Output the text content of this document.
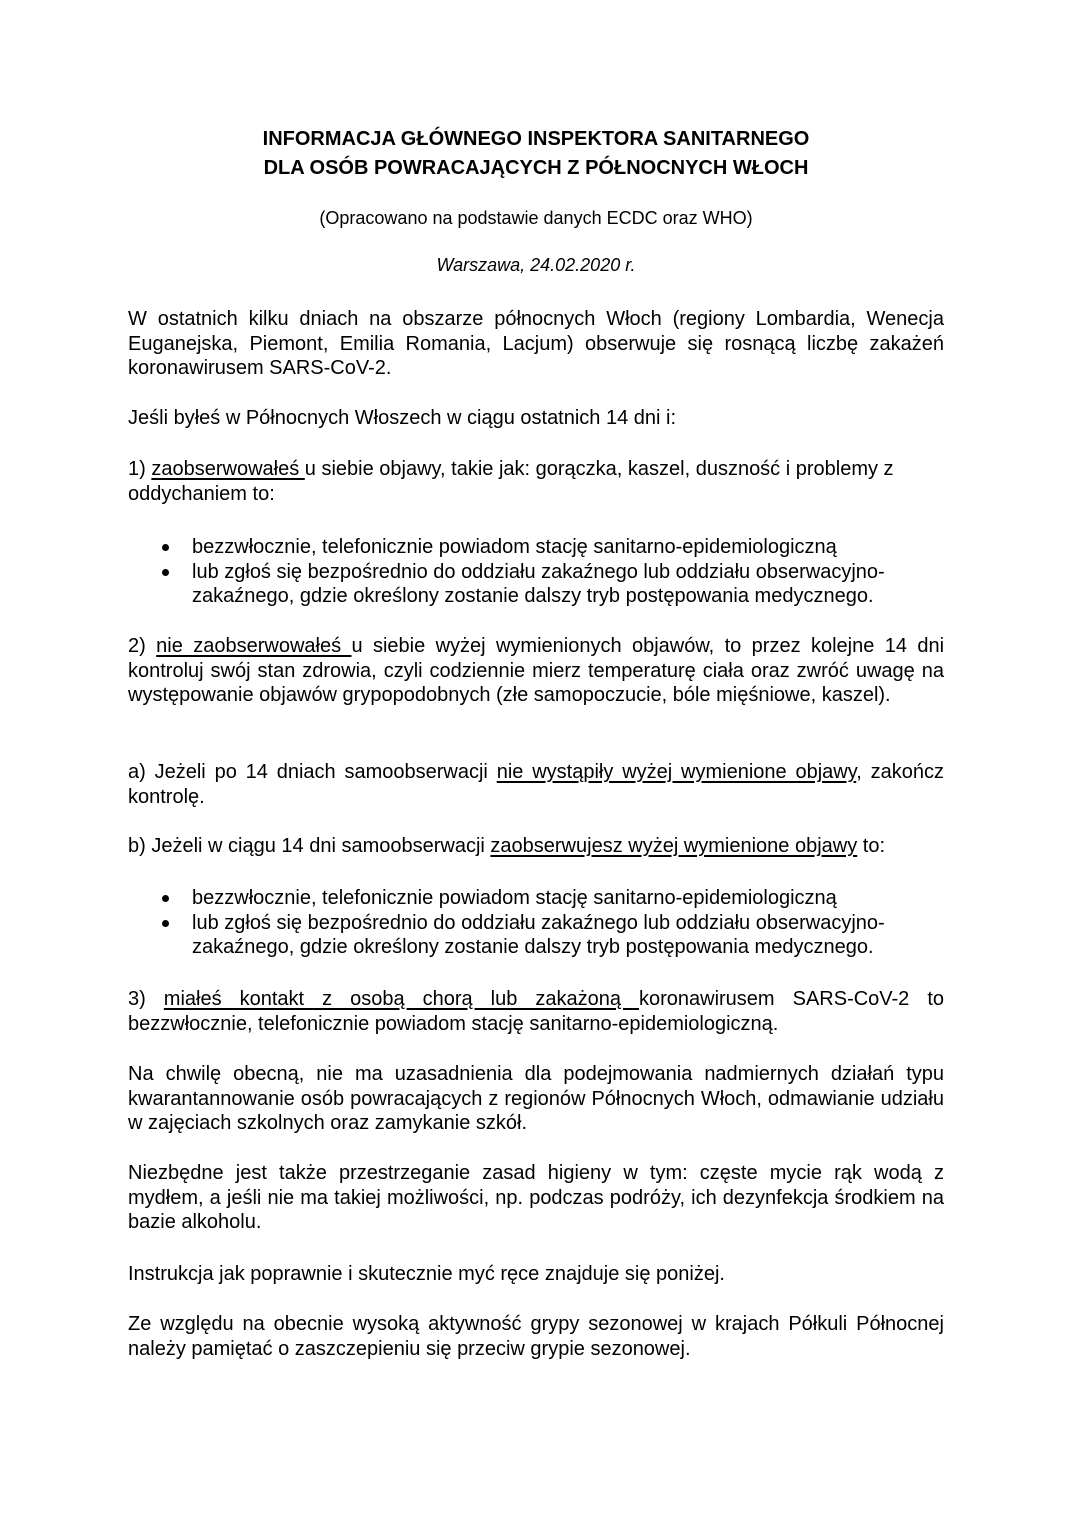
INFORMACJA GŁÓWNEGO INSPEKTORA SANITARNEGO
DLA OSÓB POWRACAJĄCYCH Z PÓŁNOCNYCH WŁOCH
(Opracowano na podstawie danych ECDC oraz WHO)
Warszawa, 24.02.2020 r.
W ostatnich kilku dniach na obszarze północnych Włoch (regiony Lombardia, Wenecja Euganejska, Piemont, Emilia Romania, Lacjum) obserwuje się rosnącą liczbę zakażeń koronawirusem SARS-CoV-2.
Jeśli byłeś w Północnych Włoszech w ciągu ostatnich 14 dni i:
1) zaobserwowałeś u siebie objawy, takie jak: gorączka, kaszel, duszność i problemy z oddychaniem to:
bezzwłocznie, telefonicznie powiadom stację sanitarno-epidemiologiczną
lub zgłoś się bezpośrednio do oddziału zakaźnego lub oddziału obserwacyjno-zakaźnego, gdzie określony zostanie dalszy tryb postępowania medycznego.
2) nie zaobserwowałeś u siebie wyżej wymienionych objawów, to przez kolejne 14 dni kontroluj swój stan zdrowia, czyli codziennie mierz temperaturę ciała oraz zwróć uwagę na występowanie objawów grypopodobnych (złe samopoczucie, bóle mięśniowe, kaszel).
a) Jeżeli po 14 dniach samoobserwacji nie wystąpiły wyżej wymienione objawy, zakończ kontrolę.
b) Jeżeli w ciągu 14 dni samoobserwacji zaobserwujesz wyżej wymienione objawy to:
bezzwłocznie, telefonicznie powiadom stację sanitarno-epidemiologiczną
lub zgłoś się bezpośrednio do oddziału zakaźnego lub oddziału obserwacyjno-zakaźnego, gdzie określony zostanie dalszy tryb postępowania medycznego.
3) miałeś kontakt z osobą chorą lub zakażoną koronawirusem SARS-CoV-2 to bezzwłocznie, telefonicznie powiadom stację sanitarno-epidemiologiczną.
Na chwilę obecną, nie ma uzasadnienia dla podejmowania nadmiernych działań typu kwarantannowanie osób powracających z regionów Północnych Włoch, odmawianie udziału w zajęciach szkolnych oraz zamykanie szkół.
Niezbędne jest także przestrzeganie zasad higieny w tym: częste mycie rąk wodą z mydłem, a jeśli nie ma takiej możliwości, np. podczas podróży, ich dezynfekcja środkiem na bazie alkoholu.
Instrukcja jak poprawnie i skutecznie myć ręce znajduje się poniżej.
Ze względu na obecnie wysoką aktywność grypy sezonowej w krajach Półkuli Północnej należy pamiętać o zaszczepieniu się przeciw grypie sezonowej.
